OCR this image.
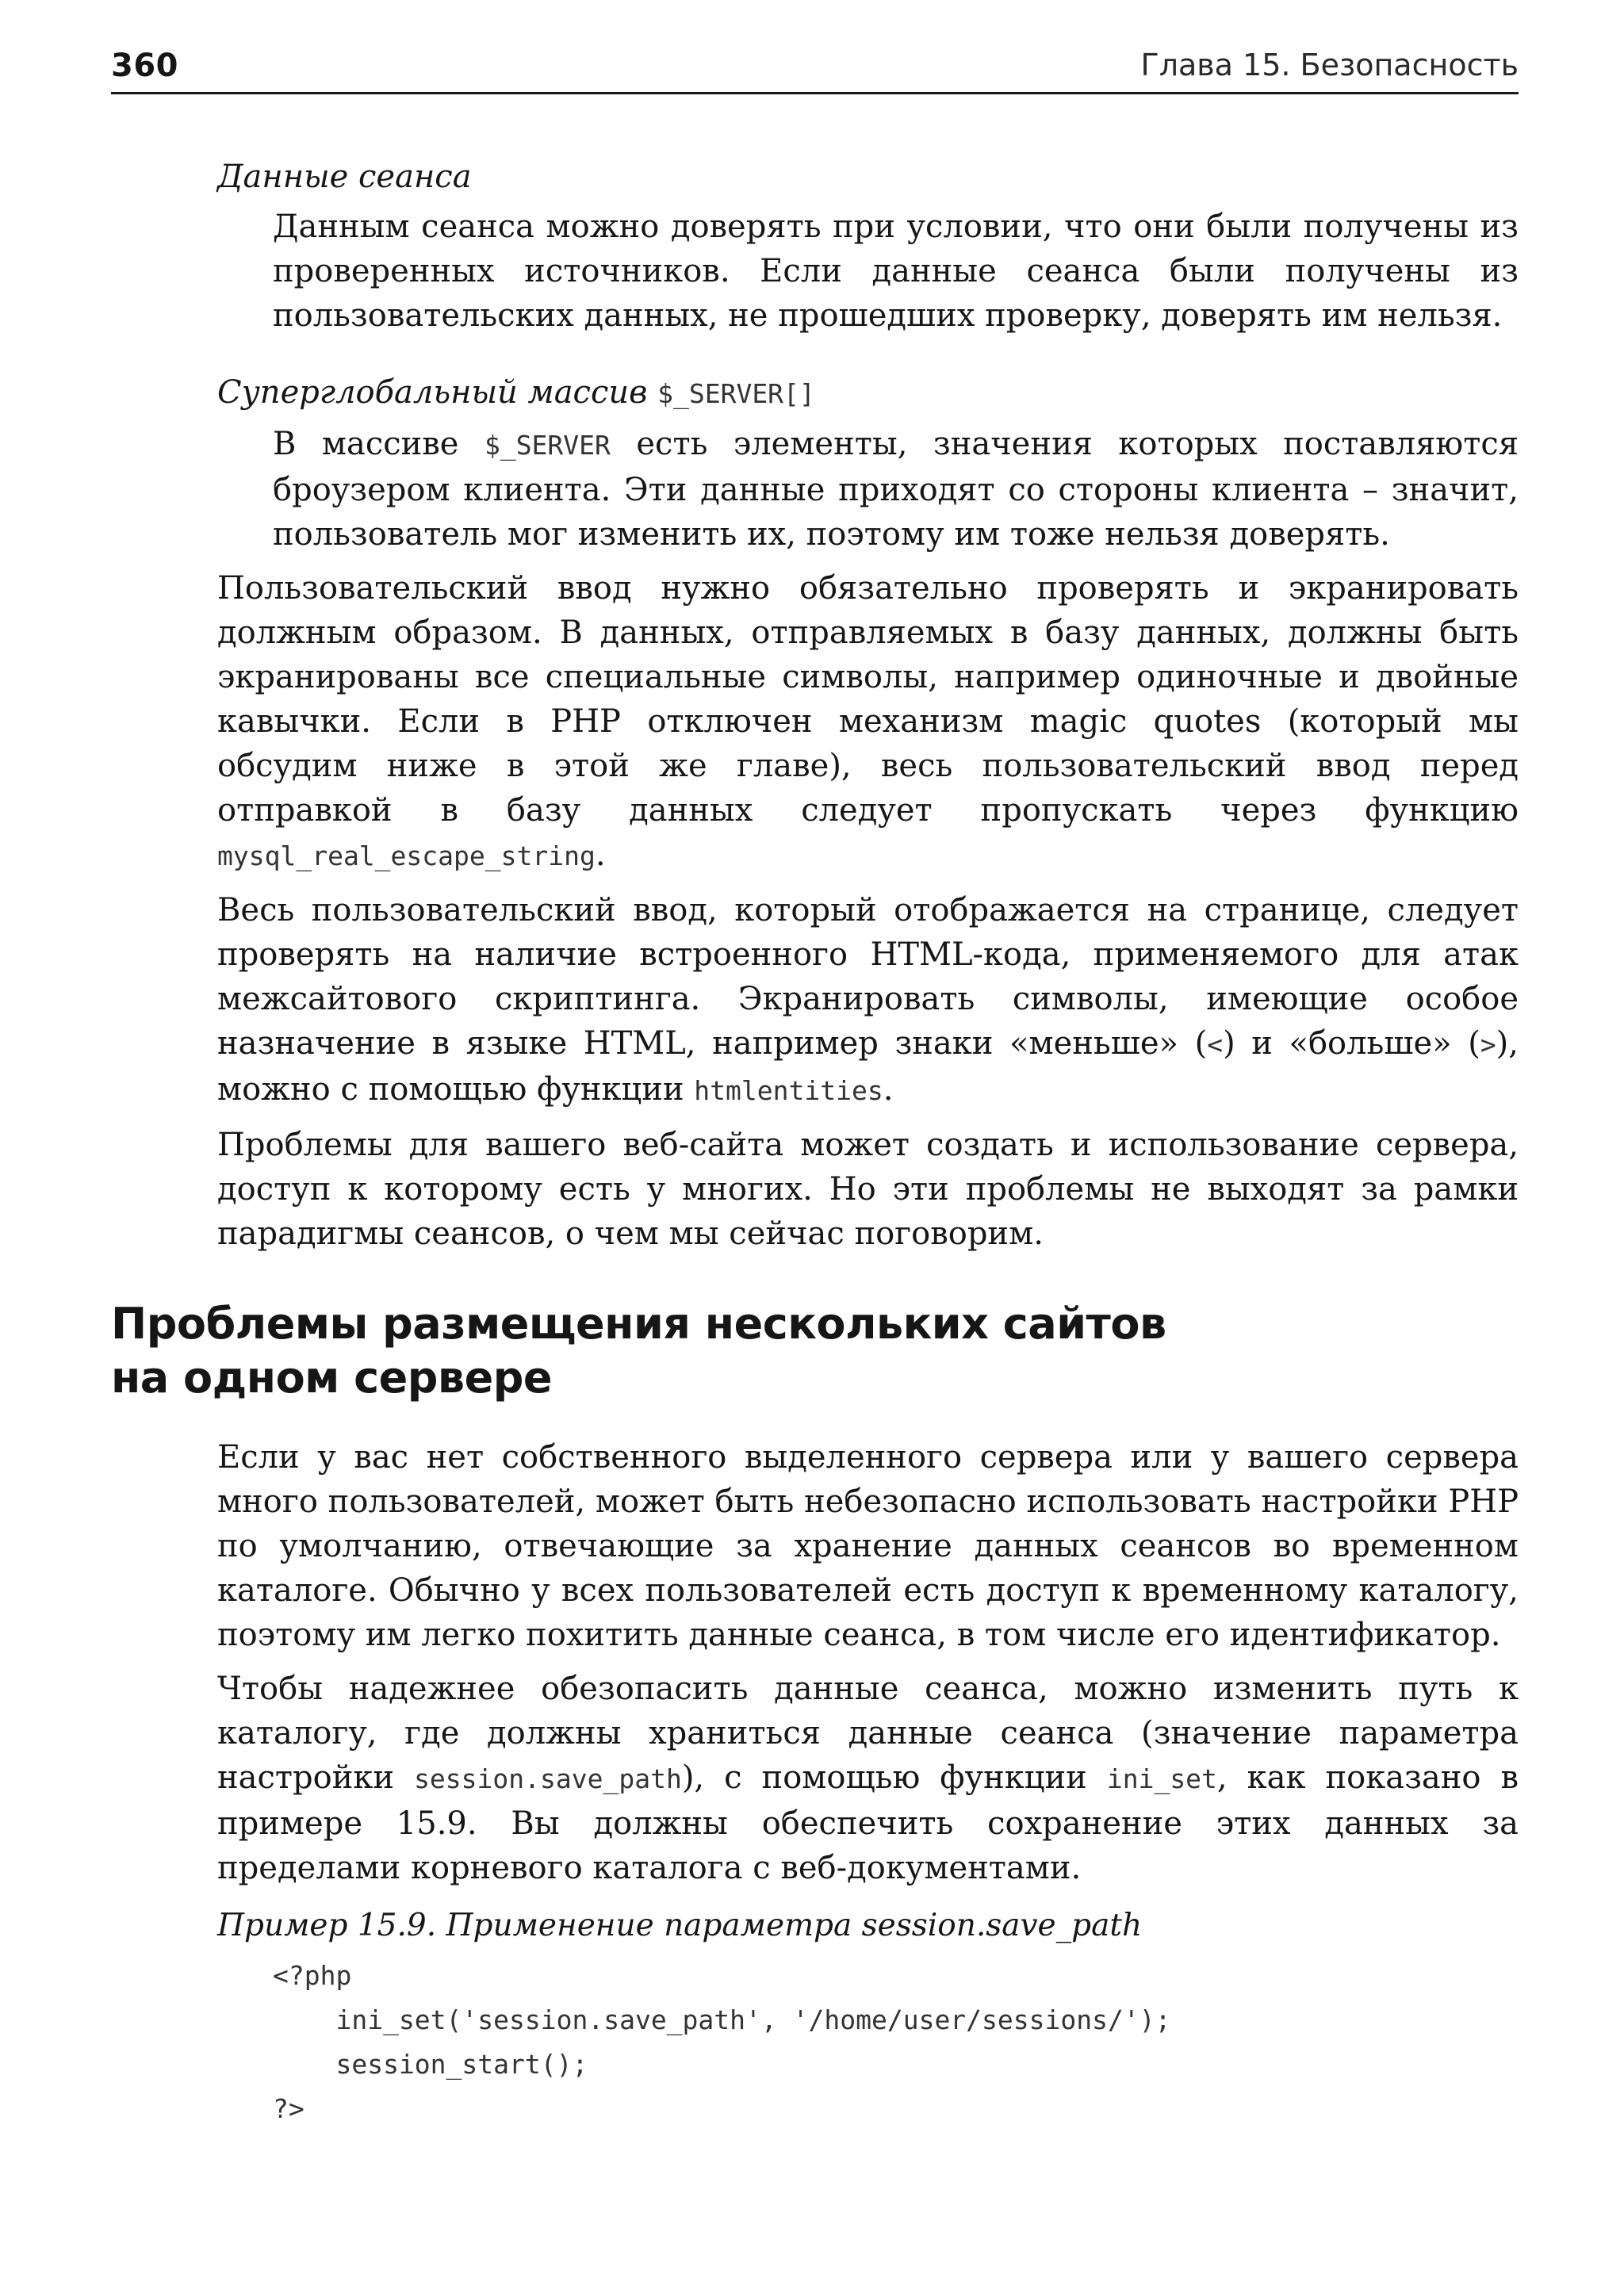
360	Глава 15. Безопасность
Данные сеанса
Данным сеанса можно доверять при условии, что они были получены из проверенных источников. Если данные сеанса были получены из пользовательских данных, не прошедших проверку, доверять им нельзя.
Суперглобальный массив $_SERVER[]
В массиве $_SERVER есть элементы, значения которых поставляются броузером клиента. Эти данные приходят со стороны клиента – значит, пользователь мог изменить их, поэтому им тоже нельзя доверять.
Пользовательский ввод нужно обязательно проверять и экранировать должным образом. В данных, отправляемых в базу данных, должны быть экранированы все специальные символы, например одиночные и двойные кавычки. Если в PHP отключен механизм magic quotes (который мы обсудим ниже в этой же главе), весь пользовательский ввод перед отправкой в базу данных следует пропускать через функцию mysql_real_escape_string.
Весь пользовательский ввод, который отображается на странице, следует проверять на наличие встроенного HTML-кода, применяемого для атак межсайтового скриптинга. Экранировать символы, имеющие особое назначение в языке HTML, например знаки «меньше» (<) и «больше» (>), можно с помощью функции htmlentities.
Проблемы для вашего веб-сайта может создать и использование сервера, доступ к которому есть у многих. Но эти проблемы не выходят за рамки парадигмы сеансов, о чем мы сейчас поговорим.
Проблемы размещения нескольких сайтов
на одном сервере
Если у вас нет собственного выделенного сервера или у вашего сервера много пользователей, может быть небезопасно использовать настройки PHP по умолчанию, отвечающие за хранение данных сеансов во временном каталоге. Обычно у всех пользователей есть доступ к временному каталогу, поэтому им легко похитить данные сеанса, в том числе его идентификатор.
Чтобы надежнее обезопасить данные сеанса, можно изменить путь к каталогу, где должны храниться данные сеанса (значение параметра настройки session.save_path), с помощью функции ini_set, как показано в примере 15.9. Вы должны обеспечить сохранение этих данных за пределами корневого каталога с веб-документами.
Пример 15.9. Применение параметра session.save_path
<?php
ini_set('session.save_path', '/home/user/sessions/');
session_start();
?>
